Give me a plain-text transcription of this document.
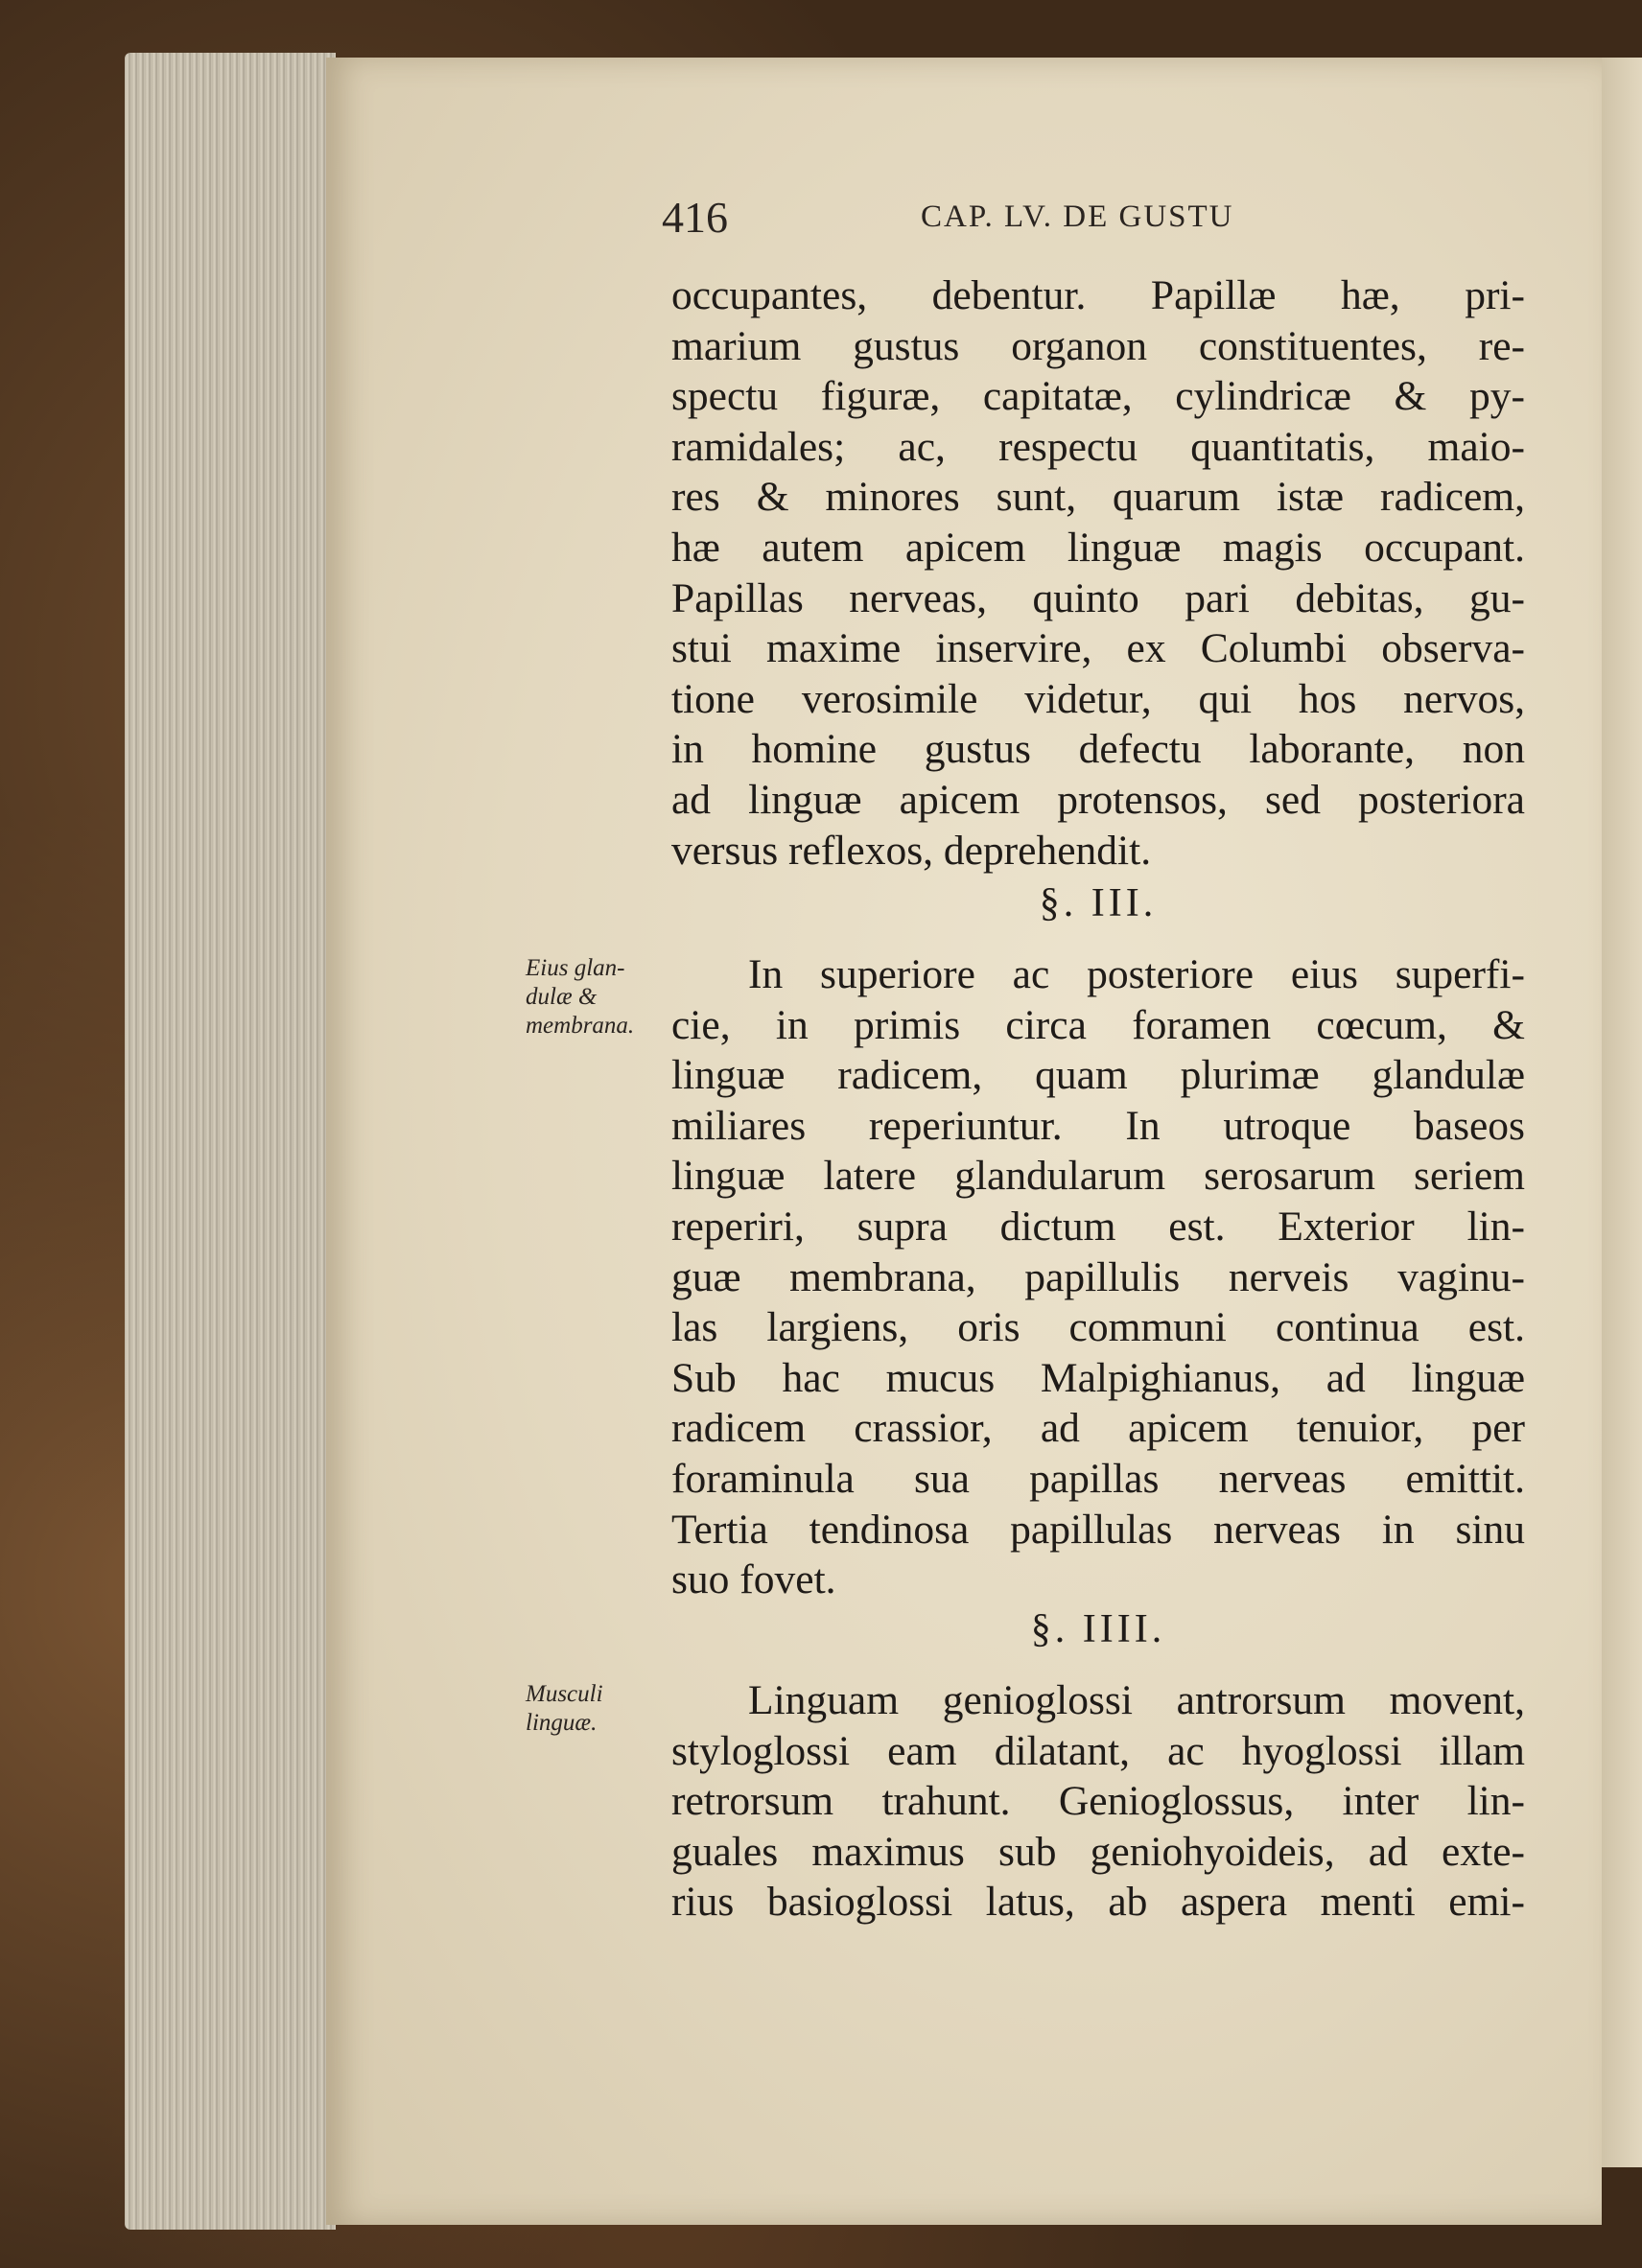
416	CAP. LV. DE GUSTU
occupantes, debentur. Papillæ hæ, pri-
marium gustus organon constituentes, re-
spectu figuræ, capitatæ, cylindricæ & py-
ramidales; ac, respectu quantitatis, maio-
res & minores sunt, quarum istæ radicem,
hæ autem apicem linguæ magis occupant.
Papillas nerveas, quinto pari debitas, gu-
stui maxime inservire, ex Columbi observa-
tione verosimile videtur, qui hos nervos,
in homine gustus defectu laborante, non
ad linguæ apicem protensos, sed posteriora
versus reflexos, deprehendit.
§. III.
Eius glan-
dulæ &
membrana.
In superiore ac posteriore eius superfi-
cie, in primis circa foramen cœcum, &
linguæ radicem, quam plurimæ glandulæ
miliares reperiuntur. In utroque baseos
linguæ latere glandularum serosarum seriem
reperiri, supra dictum est. Exterior lin-
guæ membrana, papillulis nerveis vaginu-
las largiens, oris communi continua est.
Sub hac mucus Malpighianus, ad linguæ
radicem crassior, ad apicem tenuior, per
foraminula sua papillas nerveas emittit.
Tertia tendinosa papillulas nerveas in sinu
suo fovet.
§. IIII.
Musculi
linguæ.	Linguam genioglossi antrorsum movent,
styloglossi eam dilatant, ac hyoglossi illam
retrorsum trahunt. Genioglossus, inter lin-
guales maximus sub geniohyoideis, ad exte-
rius basioglossi latus, ab aspera menti emi-
